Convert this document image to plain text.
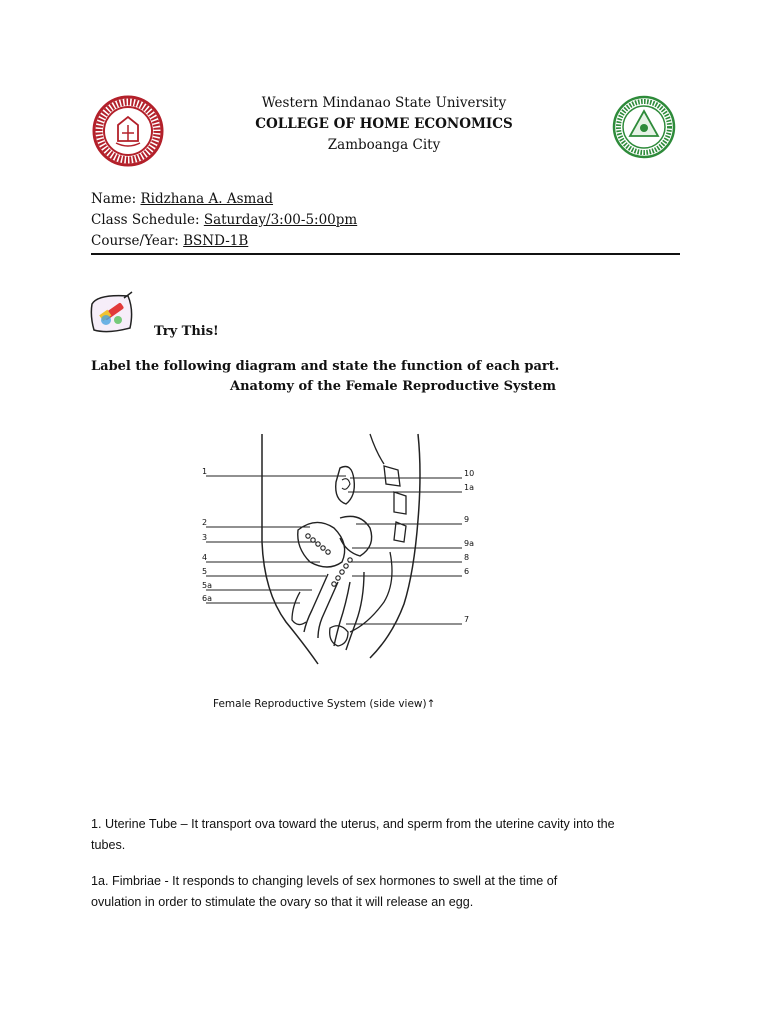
Western Mindanao State University
COLLEGE OF HOME ECONOMICS
Zamboanga City
Name: Ridzhana A. Asmad
Class Schedule: Saturday/3:00-5:00pm
Course/Year: BSND-1B
Try This!
Label the following diagram and state the function of each part.
Anatomy of the Female Reproductive System
1
2
3
4
5
5a
6a
10
1a
9
9a
8
6
7
Female Reproductive System (side view)↑
1. Uterine Tube – It transport ova toward the uterus, and sperm from the uterine cavity into the
tubes.
1a. Fimbriae - It responds to changing levels of sex hormones to swell at the time of
ovulation in order to stimulate the ovary so that it will release an egg.
